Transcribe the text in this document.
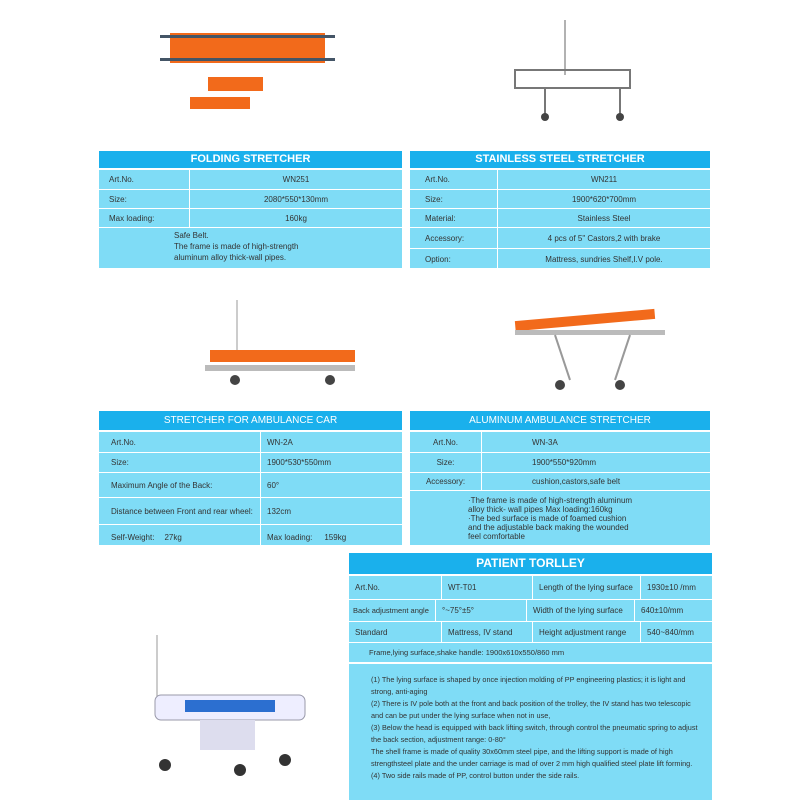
FOLDING STRETCHER
Art.No.	WN251
Size:	2080*550*130mm
Max loading:	160kg
Safe Belt.
The frame is made of high-strength
aluminum alloy thick-wall pipes.
STAINLESS STEEL STRETCHER
Art.No.	WN211
Size:	1900*620*700mm
Material:	Stainless Steel
Accessory:	4 pcs of 5" Castors,2 with brake
Option:	Mattress, sundries Shelf,I.V pole.
STRETCHER FOR AMBULANCE CAR
Art.No.	WN-2A
Size:	1900*530*550mm
Maximum Angle of the Back:	60°
Distance between Front and rear wheel:	132cm
Self-Weight: 27kg	Max loading: 159kg
ALUMINUM AMBULANCE STRETCHER
Art.No.	WN-3A
Size:	1900*550*920mm
Accessory:	cushion,castors,safe belt
·The frame is made of high-strength aluminum
alloy thick- wall pipes Max loading:160kg
·The bed surface is made of foamed cushion
and the adjustable back making the wounded
feel comfortable
PATIENT TORLLEY
Art.No.	WT-T01	Length of the lying surface	1930±10 /mm
Back adjustment angle	°~75°±5°	Width of the lying surface	640±10/mm
Standard	Mattress, IV stand	Height adjustment range	540~840/mm
Frame,lying surface,shake handle: 1900x610x550/860 mm
(1) The lying surface is shaped by once injection molding of PP engineering plastics; it is light and strong, anti-aging
(2) There is IV pole both at the front and back position of the trolley, the IV stand has two telescopic and can be put under the lying surface when not in use,
(3) Below the head is equipped with back lifting switch, through control the pneumatic spring to adjust the back section, adjustment range: 0-80°
The shell frame is made of quality 30x60mm steel pipe, and the lifting support is made of high strengthsteel plate and the under carriage is mad of over 2 mm high qualified steel plate lift forming.
(4) Two side rails made of PP, control button under the side rails.
